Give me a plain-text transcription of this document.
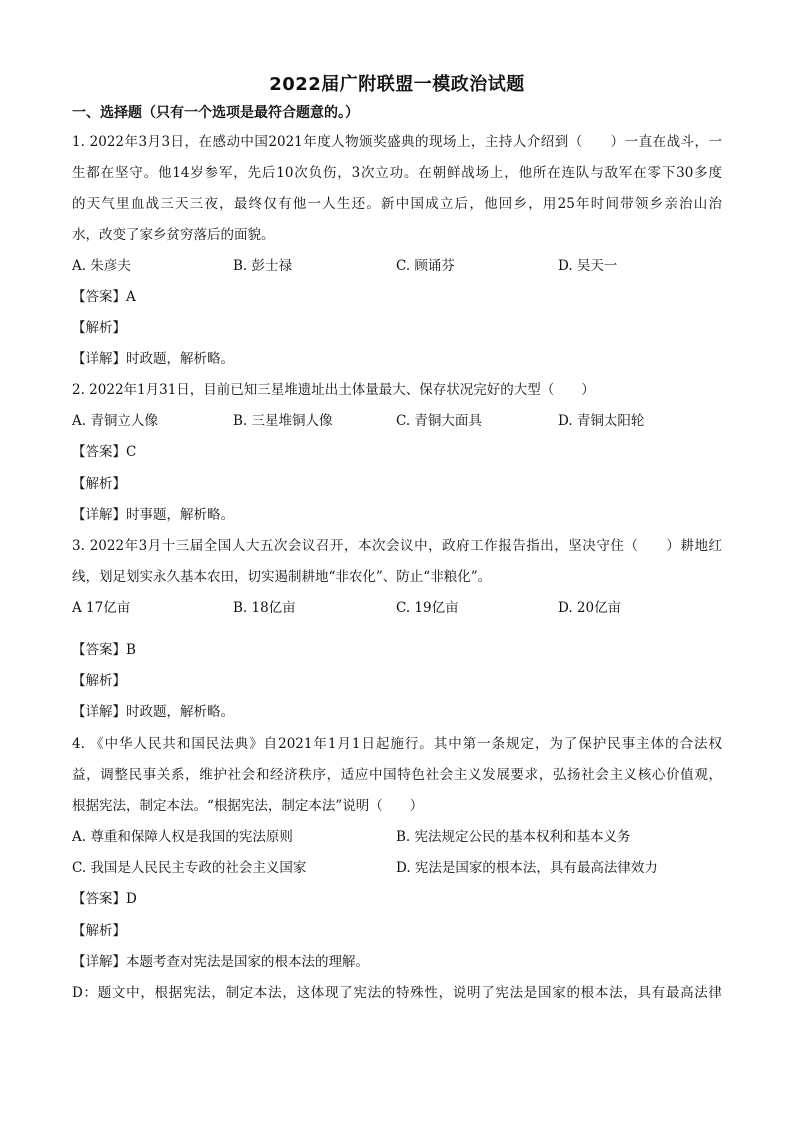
2022届广附联盟一模政治试题
一、选择题（只有一个选项是最符合题意的。）
1. 2022年3月3日，在感动中国2021年度人物颁奖盛典的现场上，主持人介绍到（　　）一直在战斗，一
生都在坚守。他14岁参军，先后10次负伤，3次立功。在朝鲜战场上，他所在连队与敌军在零下30多度
的天气里血战三天三夜，最终仅有他一人生还。新中国成立后，他回乡，用25年时间带领乡亲治山治
水，改变了家乡贫穷落后的面貌。
A. 朱彦夫	B. 彭士禄	C. 顾诵芬	D. 吴天一
【答案】A
【解析】
【详解】时政题，解析略。
2. 2022年1月31日，目前已知三星堆遗址出土体量最大、保存状况完好的大型（　　）
A. 青铜立人像	B. 三星堆铜人像	C. 青铜大面具	D. 青铜太阳轮
【答案】C
【解析】
【详解】时事题，解析略。
3. 2022年3月十三届全国人大五次会议召开，本次会议中，政府工作报告指出，坚决守住（　　）耕地红
线，划足划实永久基本农田，切实遏制耕地“非农化”、防止“非粮化”。
A 17亿亩	B. 18亿亩	C. 19亿亩	D. 20亿亩
【答案】B
【解析】
【详解】时政题，解析略。
4. 《中华人民共和国民法典》自2021年1月1日起施行。其中第一条规定，为了保护民事主体的合法权
益，调整民事关系，维护社会和经济秩序，适应中国特色社会主义发展要求，弘扬社会主义核心价值观，
根据宪法，制定本法。“根据宪法，制定本法”说明（　　）
A. 尊重和保障人权是我国的宪法原则	B. 宪法规定公民的基本权利和基本义务
C. 我国是人民民主专政的社会主义国家	D. 宪法是国家的根本法，具有最高法律效力
【答案】D
【解析】
【详解】本题考查对宪法是国家的根本法的理解。
D：题文中，根据宪法，制定本法，这体现了宪法的特殊性，说明了宪法是国家的根本法，具有最高法律
